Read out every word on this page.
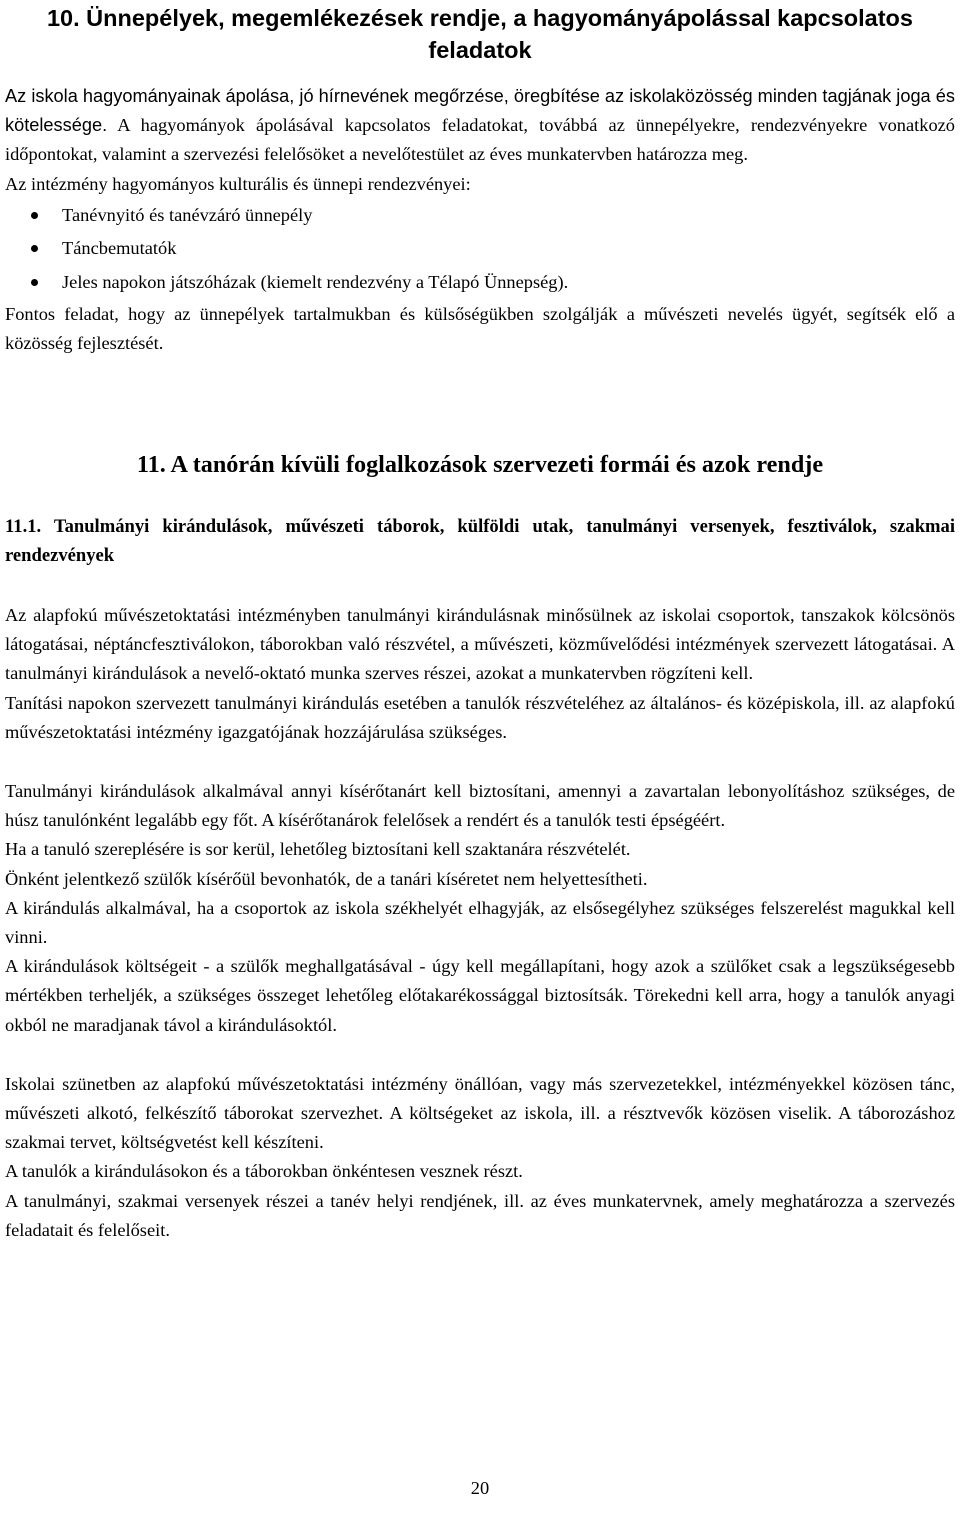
10. Ünnepélyek, megemlékezések rendje, a hagyományápolással kapcsolatos feladatok

Az iskola hagyományainak ápolása, jó hírnevének megőrzése, öregbítése az iskolaközösség minden tagjának joga és kötelessége. A hagyományok ápolásával kapcsolatos feladatokat, továbbá az ünnepélyekre, rendezvényekre vonatkozó időpontokat, valamint a szervezési felelősöket a nevelőtestület az éves munkatervben határozza meg.

Az intézmény hagyományos kulturális és ünnepi rendezvényei:

Tanévnyitó és tanévzáró ünnepély
Táncbemutatók
Jeles napokon játszóházak (kiemelt rendezvény a Télapó Ünnepség).

Fontos feladat, hogy az ünnepélyek tartalmukban és külsőségükben szolgálják a művészeti nevelés ügyét, segítsék elő a közösség fejlesztését.

11. A tanórán kívüli foglalkozások szervezeti formái és azok rendje
11.1. Tanulmányi kirándulások, művészeti táborok, külföldi utak, tanulmányi versenyek, fesztiválok, szakmai rendezvények

Az alapfokú művészetoktatási intézményben tanulmányi kirándulásnak minősülnek az iskolai csoportok, tanszakok kölcsönös látogatásai, néptáncfesztiválokon, táborokban való részvétel, a művészeti, közművelődési intézmények szervezett látogatásai. A tanulmányi kirándulások a nevelő-oktató munka szerves részei, azokat a munkatervben rögzíteni kell.

Tanítási napokon szervezett tanulmányi kirándulás esetében a tanulók részvételéhez az általános- és középiskola, ill. az alapfokú művészetoktatási intézmény igazgatójának hozzájárulása szükséges.

Tanulmányi kirándulások alkalmával annyi kísérőtanárt kell biztosítani, amennyi a zavartalan lebonyolításhoz szükséges, de húsz tanulónként legalább egy főt. A kísérőtanárok felelősek a rendért és a tanulók testi épségéért.

Ha a tanuló szereplésére is sor kerül, lehetőleg biztosítani kell szaktanára részvételét.

Önként jelentkező szülők kísérőül bevonhatók, de a tanári kíséretet nem helyettesítheti.

A kirándulás alkalmával, ha a csoportok az iskola székhelyét elhagyják, az elsősegélyhez szükséges felszerelést magukkal kell vinni.

A kirándulások költségeit - a szülők meghallgatásával - úgy kell megállapítani, hogy azok a szülőket csak a legszükségesebb mértékben terheljék, a szükséges összeget lehetőleg előtakarékossággal biztosítsák. Törekedni kell arra, hogy a tanulók anyagi okból ne maradjanak távol a kirándulásoktól.

Iskolai szünetben az alapfokú művészetoktatási intézmény önállóan, vagy más szervezetekkel, intézményekkel közösen tánc, művészeti alkotó, felkészítő táborokat szervezhet. A költségeket az iskola, ill. a résztvevők közösen viselik. A táborozáshoz szakmai tervet, költségvetést kell készíteni.

A tanulók a kirándulásokon és a táborokban önkéntesen vesznek részt.

A tanulmányi, szakmai versenyek részei a tanév helyi rendjének, ill. az éves munkatervnek, amely meghatározza a szervezés feladatait és felelőseit.

20
